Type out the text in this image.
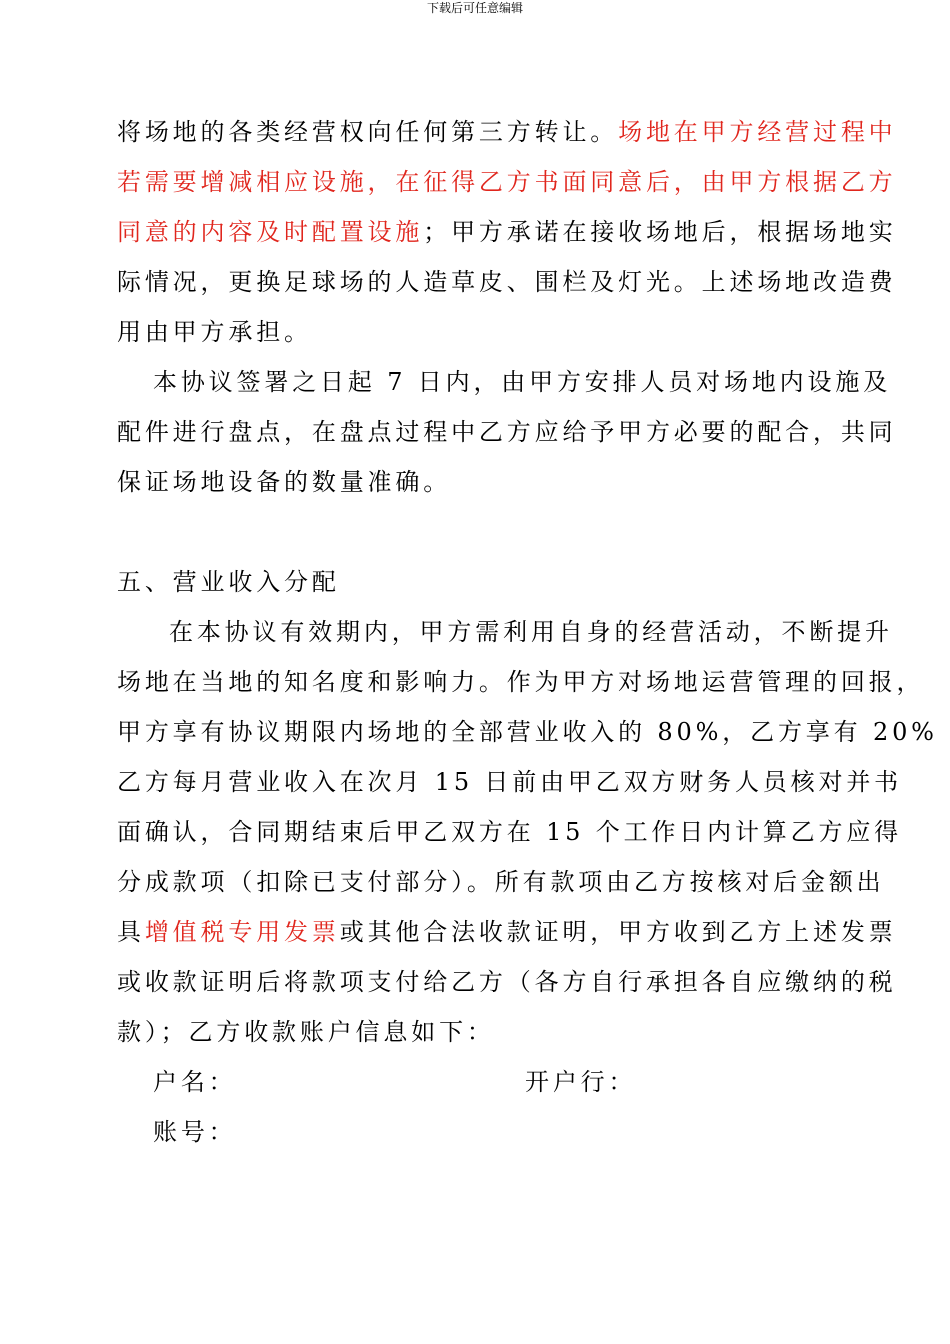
下载后可任意编辑

将场地的各类经营权向任何第三方转让。场地在甲方经营过程中

若需要增减相应设施，在征得乙方书面同意后，由甲方根据乙方

同意的内容及时配置设施；甲方承诺在接收场地后，根据场地实

际情况，更换足球场的人造草皮、围栏及灯光。上述场地改造费

用由甲方承担。

本协议签署之日起 7 日内，由甲方安排人员对场地内设施及

配件进行盘点，在盘点过程中乙方应给予甲方必要的配合，共同

保证场地设备的数量准确。

五、营业收入分配

在本协议有效期内，甲方需利用自身的经营活动，不断提升

场地在当地的知名度和影响力。作为甲方对场地运营管理的回报，

甲方享有协议期限内场地的全部营业收入的 80%，乙方享有 20%

乙方每月营业收入在次月 15 日前由甲乙双方财务人员核对并书

面确认，合同期结束后甲乙双方在 15 个工作日内计算乙方应得

分成款项（扣除已支付部分）。所有款项由乙方按核对后金额出

具增值税专用发票或其他合法收款证明，甲方收到乙方上述发票

或收款证明后将款项支付给乙方（各方自行承担各自应缴纳的税

款）；乙方收款账户信息如下：

户名：	开户行：
账号：
